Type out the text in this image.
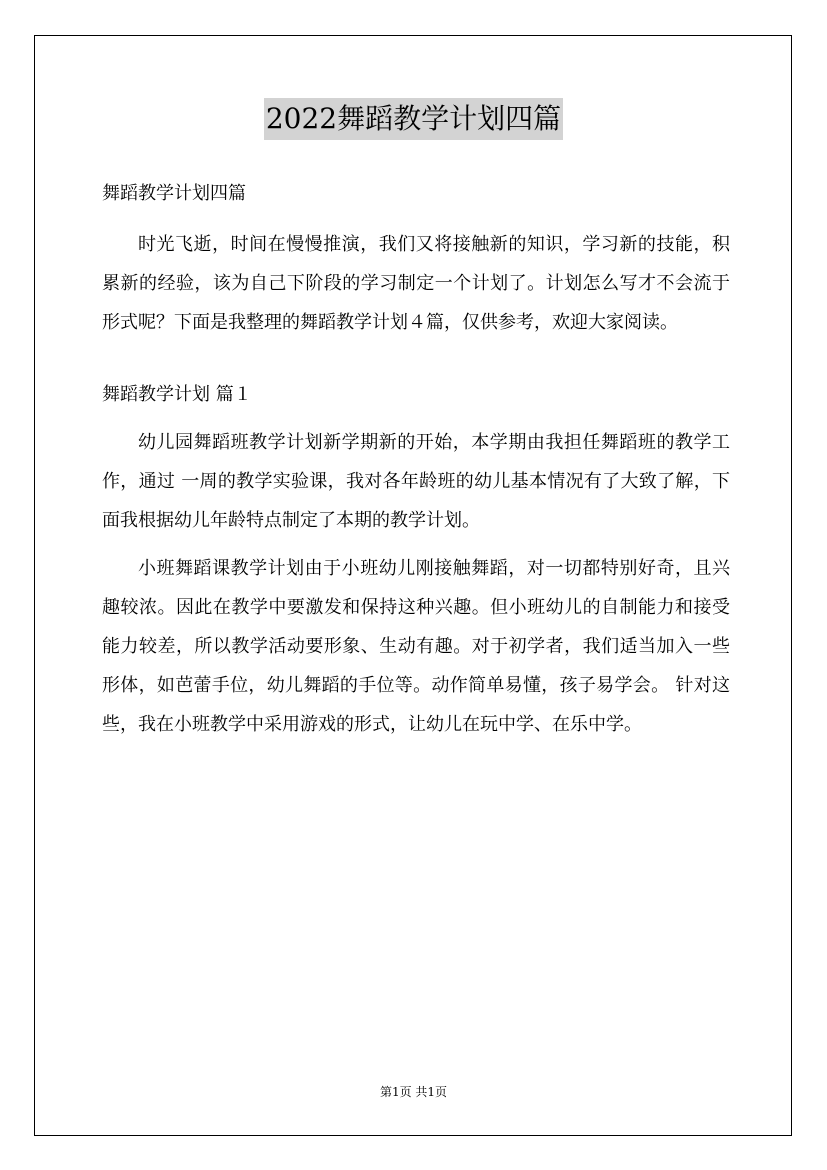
2022舞蹈教学计划四篇
舞蹈教学计划四篇

时光飞逝，时间在慢慢推演，我们又将接触新的知识，学习新的技能，积累新的经验，该为自己下阶段的学习制定一个计划了。计划怎么写才不会流于形式呢？下面是我整理的舞蹈教学计划４篇，仅供参考，欢迎大家阅读。

舞蹈教学计划 篇１

幼儿园舞蹈班教学计划新学期新的开始，本学期由我担任舞蹈班的教学工作，通过 一周的教学实验课，我对各年龄班的幼儿基本情况有了大致了解，下面我根据幼儿年龄特点制定了本期的教学计划。

小班舞蹈课教学计划由于小班幼儿刚接触舞蹈，对一切都特别好奇，且兴趣较浓。因此在教学中要激发和保持这种兴趣。但小班幼儿的自制能力和接受能力较差，所以教学活动要形象、生动有趣。对于初学者，我们适当加入一些形体，如芭蕾手位，幼儿舞蹈的手位等。动作简单易懂，孩子易学会。 针对这些，我在小班教学中采用游戏的形式，让幼儿在玩中学、在乐中学。

第1页 共1页
